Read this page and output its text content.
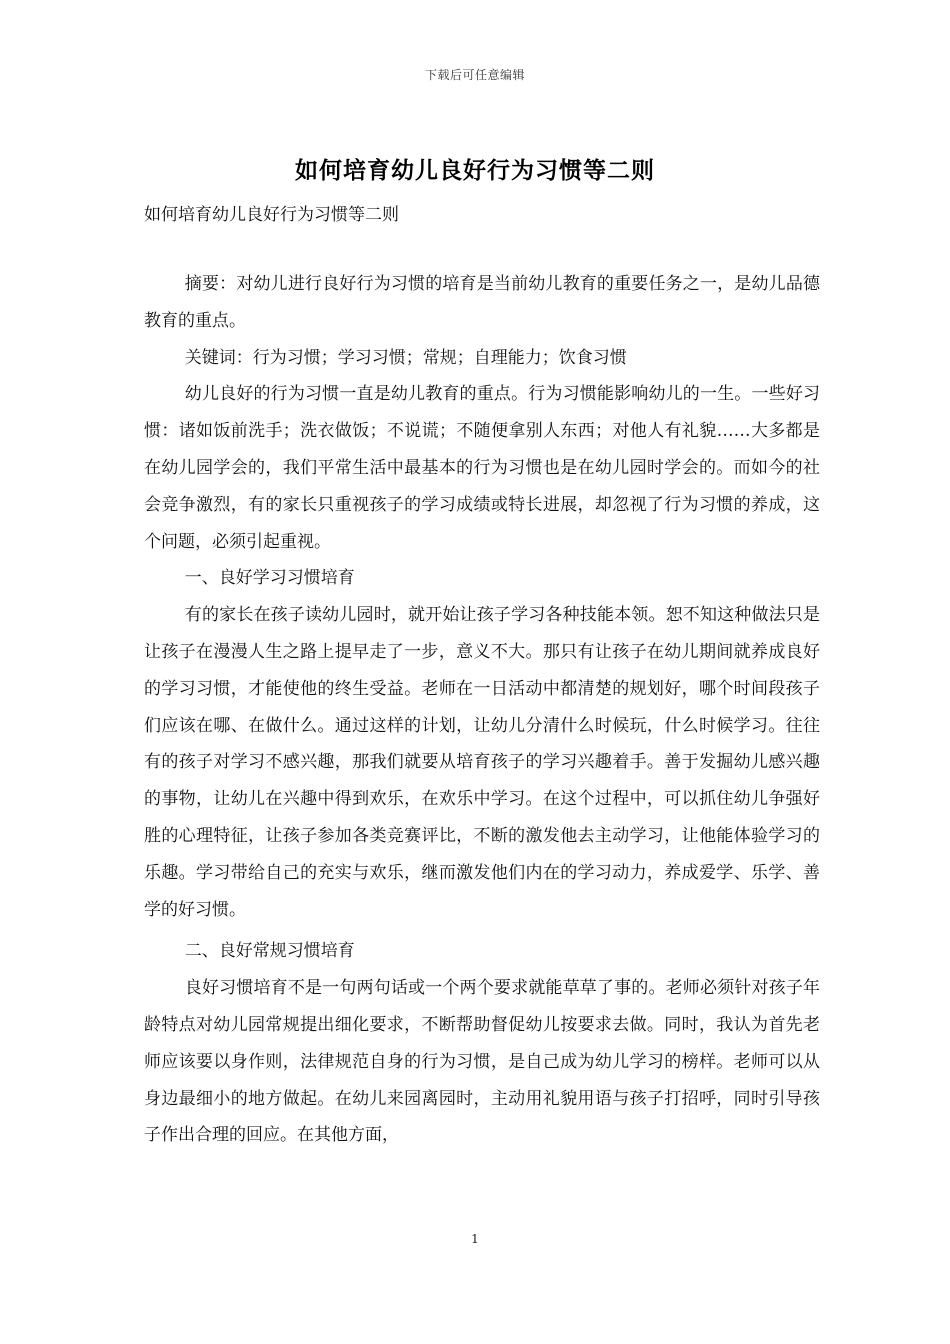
下载后可任意编辑
如何培育幼儿良好行为习惯等二则
如何培育幼儿良好行为习惯等二则

摘要：对幼儿进行良好行为习惯的培育是当前幼儿教育的重要任务之一，是幼儿品德教育的重点。

关键词：行为习惯；学习习惯；常规；自理能力；饮食习惯

幼儿良好的行为习惯一直是幼儿教育的重点。行为习惯能影响幼儿的一生。一些好习惯：诸如饭前洗手；洗衣做饭；不说谎；不随便拿别人东西；对他人有礼貌……大多都是在幼儿园学会的，我们平常生活中最基本的行为习惯也是在幼儿园时学会的。而如今的社会竞争激烈，有的家长只重视孩子的学习成绩或特长进展，却忽视了行为习惯的养成，这个问题，必须引起重视。

一、良好学习习惯培育

有的家长在孩子读幼儿园时，就开始让孩子学习各种技能本领。恕不知这种做法只是让孩子在漫漫人生之路上提早走了一步，意义不大。那只有让孩子在幼儿期间就养成良好的学习习惯，才能使他的终生受益。老师在一日活动中都清楚的规划好，哪个时间段孩子们应该在哪、在做什么。通过这样的计划，让幼儿分清什么时候玩，什么时候学习。往往有的孩子对学习不感兴趣，那我们就要从培育孩子的学习兴趣着手。善于发掘幼儿感兴趣的事物，让幼儿在兴趣中得到欢乐，在欢乐中学习。在这个过程中，可以抓住幼儿争强好胜的心理特征，让孩子参加各类竞赛评比，不断的激发他去主动学习，让他能体验学习的乐趣。学习带给自己的充实与欢乐，继而激发他们内在的学习动力，养成爱学、乐学、善学的好习惯。

二、良好常规习惯培育

良好习惯培育不是一句两句话或一个两个要求就能草草了事的。老师必须针对孩子年龄特点对幼儿园常规提出细化要求，不断帮助督促幼儿按要求去做。同时，我认为首先老师应该要以身作则，法律规范自身的行为习惯，是自己成为幼儿学习的榜样。老师可以从身边最细小的地方做起。在幼儿来园离园时，主动用礼貌用语与孩子打招呼，同时引导孩子作出合理的回应。在其他方面，

1
